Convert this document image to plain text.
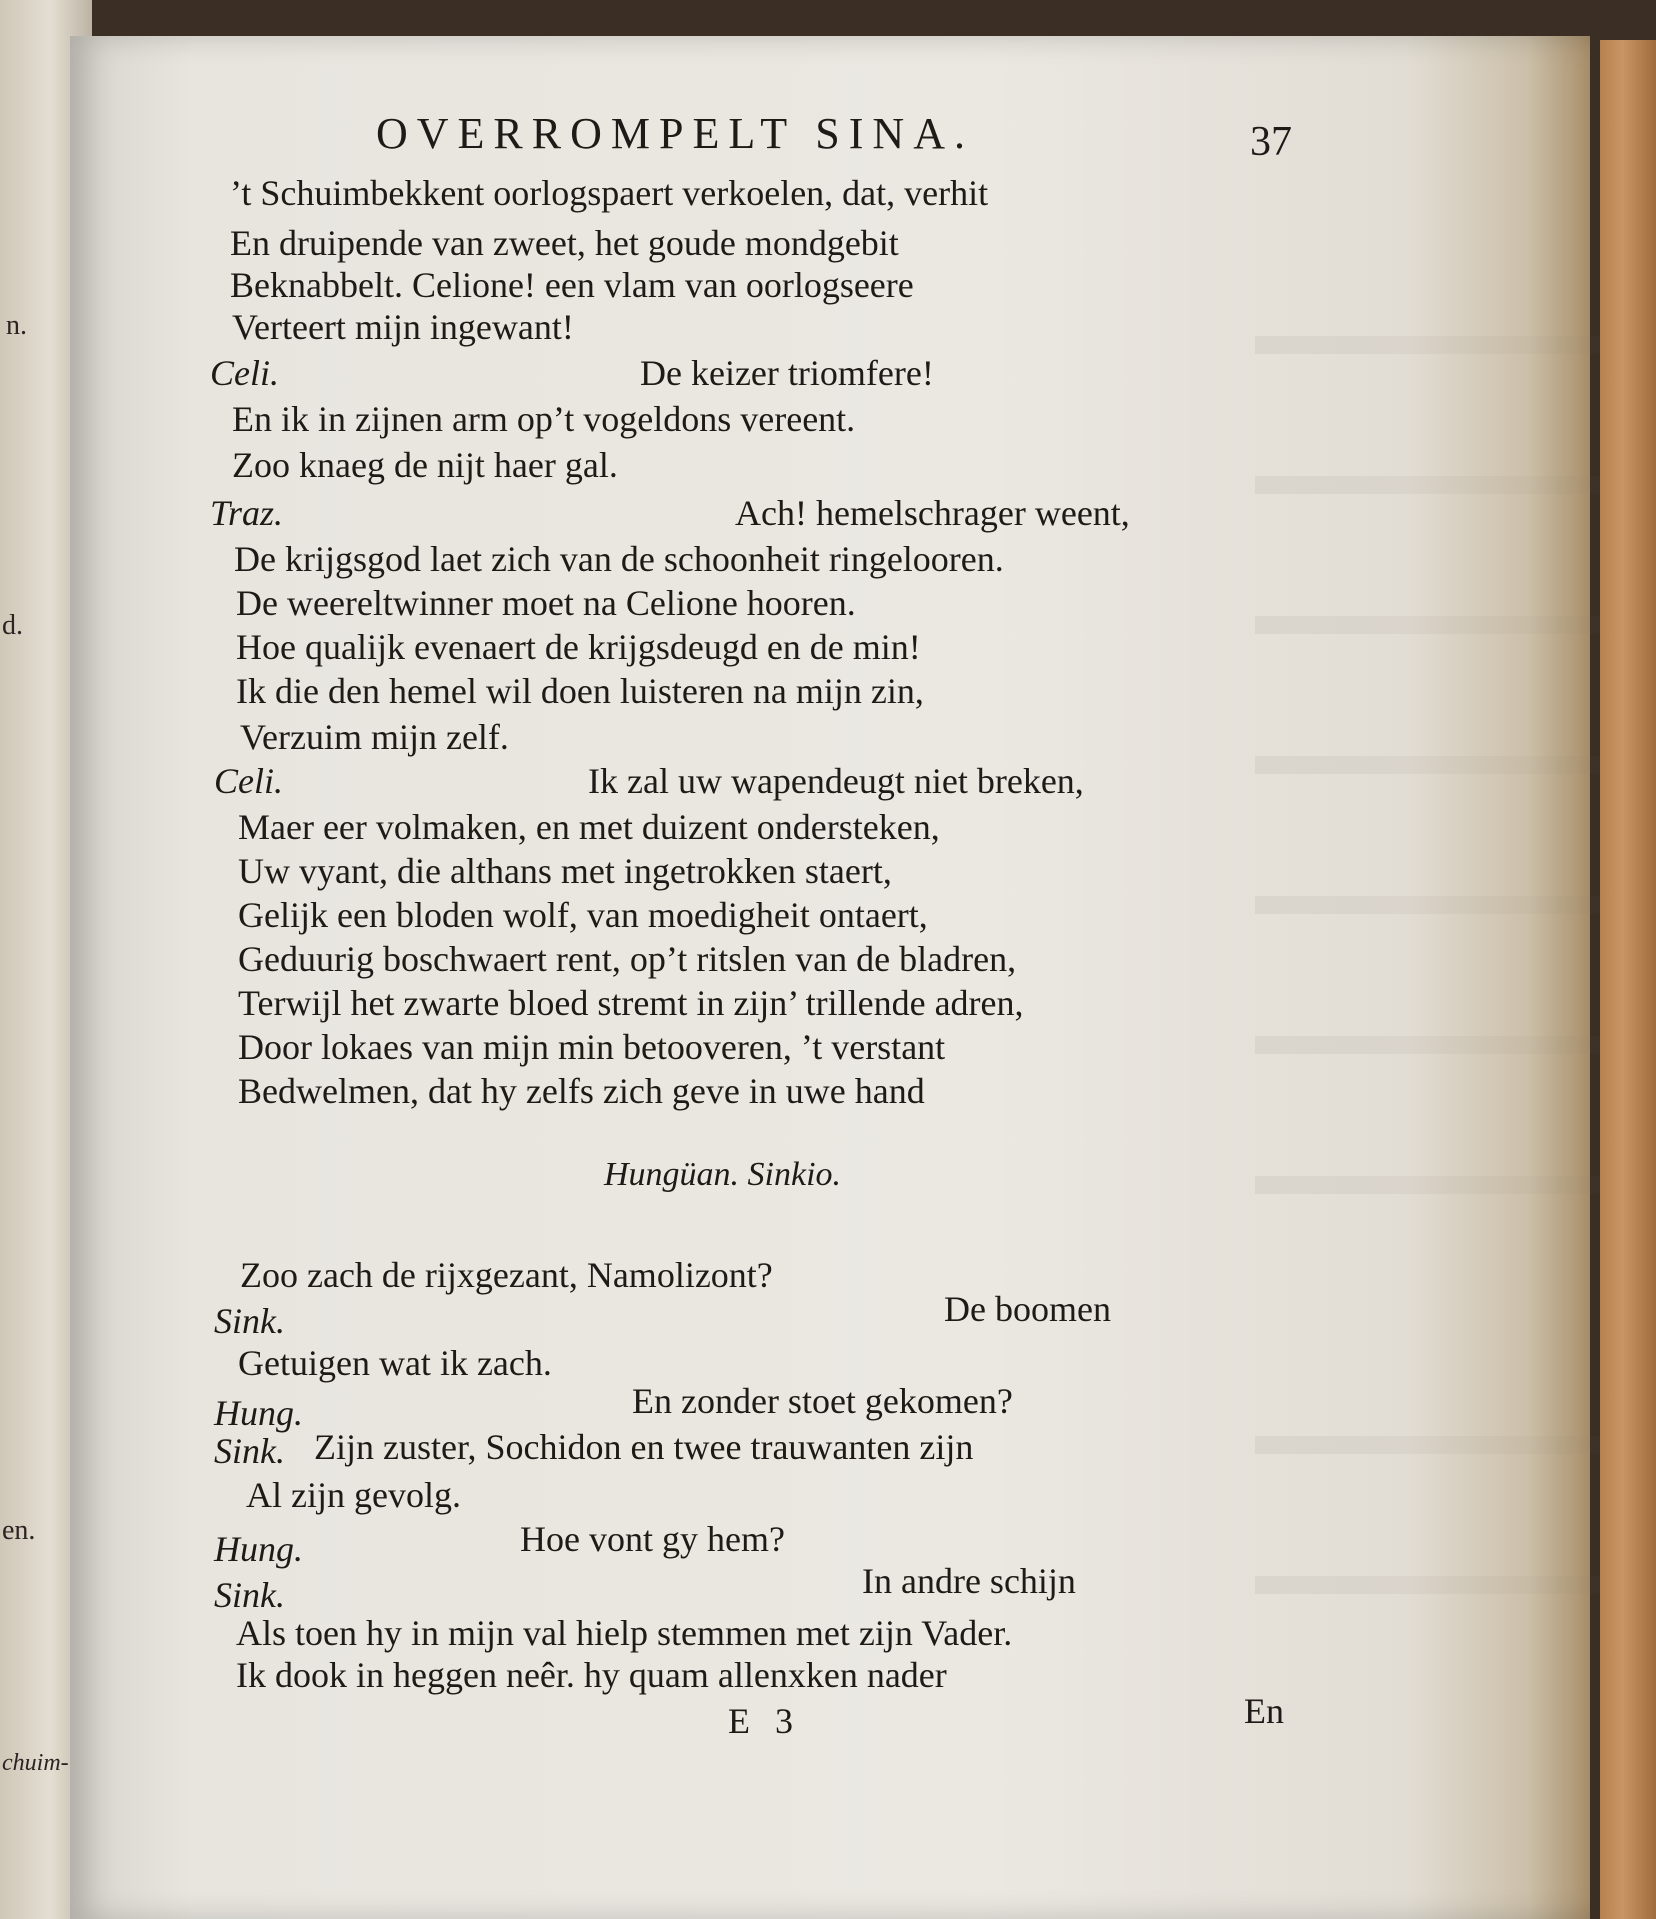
n.
d.
en.
chuim-
OVERROMPELT SINA.	37
’t Schuimbekkent oorlogspaert verkoelen, dat, verhit
En druipende van zweet, het goude mondgebit
Beknabbelt. Celione! een vlam van oorlogseere
Verteert mijn ingewant!
Celi.	De keizer triomfere!
En ik in zijnen arm op’t vogeldons vereent.
Zoo knaeg de nijt haer gal.
Traz.	Ach! hemelschrager weent,
De krijgsgod laet zich van de schoonheit ringelooren.
De weereltwinner moet na Celione hooren.
Hoe qualijk evenaert de krijgsdeugd en de min!
Ik die den hemel wil doen luisteren na mijn zin,
Verzuim mijn zelf.
Celi.	Ik zal uw wapendeugt niet breken,
Maer eer volmaken, en met duizent ondersteken,
Uw vyant, die althans met ingetrokken staert,
Gelijk een bloden wolf, van moedigheit ontaert,
Geduurig boschwaert rent, op’t ritslen van de bladren,
Terwijl het zwarte bloed stremt in zijn’ trillende adren,
Door lokaes van mijn min betooveren, ’t verstant
Bedwelmen, dat hy zelfs zich geve in uwe hand
Hungüan. Sinkio.
Zoo zach de rijxgezant, Namolizont?
Sink.	De boomen
Getuigen wat ik zach.
Hung.	En zonder stoet gekomen?
Sink. Zijn zuster, Sochidon en twee trauwanten zijn
Al zijn gevolg.
Hung.	Hoe vont gy hem?
Sink.	In andre schijn
Als toen hy in mijn val hielp stemmen met zijn Vader.
Ik dook in heggen neêr. hy quam allenxken nader
E 3	En
